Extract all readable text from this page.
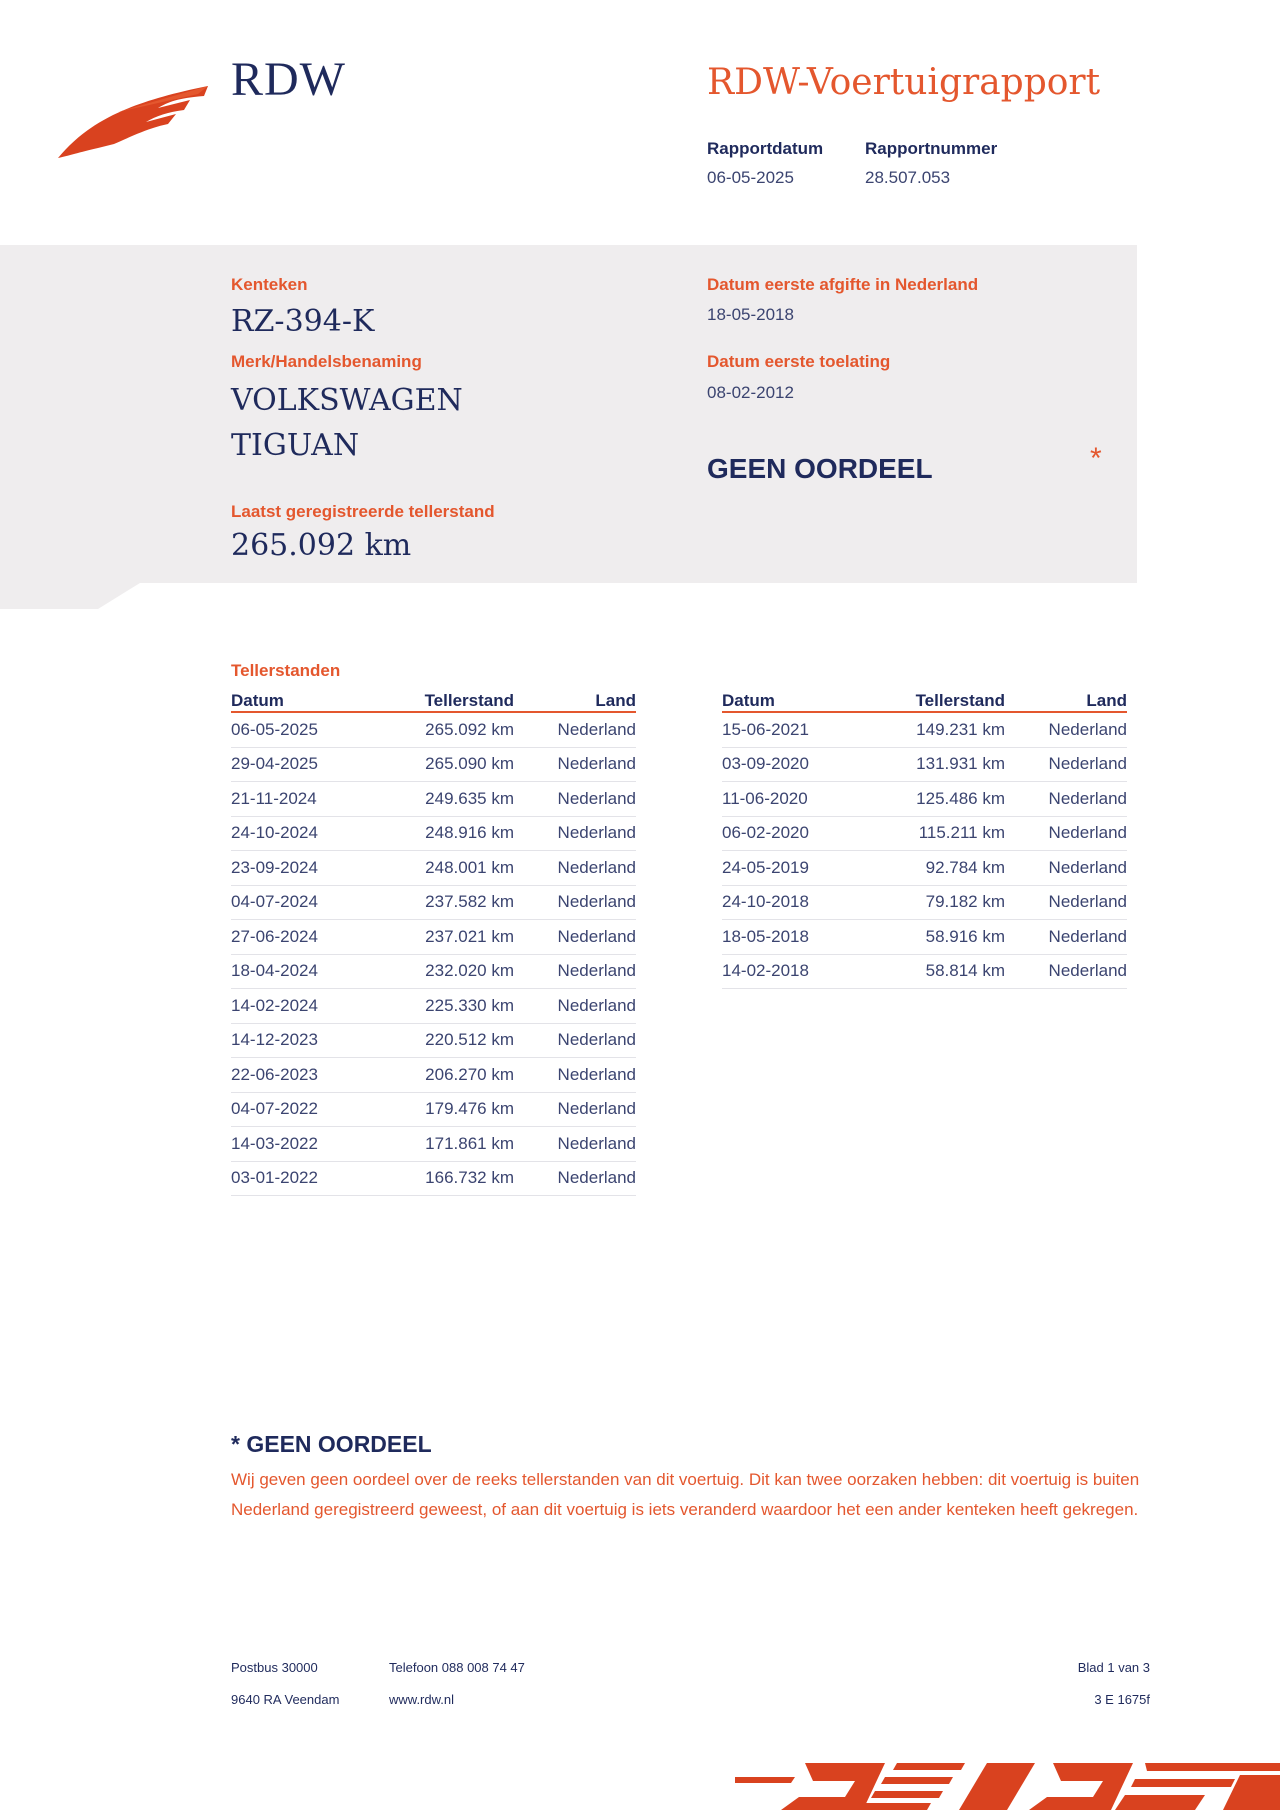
RDW	RDW-Voertuigrapport
Rapportdatum
06-05-2025
Rapportnummer
28.507.053
Kenteken
RZ-394-K
Merk/Handelsbenaming
VOLKSWAGEN
TIGUAN
Laatst geregistreerde tellerstand
265.092 km
Datum eerste afgifte in Nederland
18-05-2018
Datum eerste toelating
08-02-2012
GEEN OORDEEL	*
Tellerstanden
Datum	Tellerstand	Land
06-05-2025	265.092 km	Nederland
29-04-2025	265.090 km	Nederland
21-11-2024	249.635 km	Nederland
24-10-2024	248.916 km	Nederland
23-09-2024	248.001 km	Nederland
04-07-2024	237.582 km	Nederland
27-06-2024	237.021 km	Nederland
18-04-2024	232.020 km	Nederland
14-02-2024	225.330 km	Nederland
14-12-2023	220.512 km	Nederland
22-06-2023	206.270 km	Nederland
04-07-2022	179.476 km	Nederland
14-03-2022	171.861 km	Nederland
03-01-2022	166.732 km	Nederland
Datum	Tellerstand	Land
15-06-2021	149.231 km	Nederland
03-09-2020	131.931 km	Nederland
11-06-2020	125.486 km	Nederland
06-02-2020	115.211 km	Nederland
24-05-2019	92.784 km	Nederland
24-10-2018	79.182 km	Nederland
18-05-2018	58.916 km	Nederland
14-02-2018	58.814 km	Nederland
* GEEN OORDEEL
Wij geven geen oordeel over de reeks tellerstanden van dit voertuig. Dit kan twee oorzaken hebben: dit voertuig is buiten Nederland geregistreerd geweest, of aan dit voertuig is iets veranderd waardoor het een ander kenteken heeft gekregen.
Postbus 30000
9640 RA Veendam
Telefoon 088 008 74 47
www.rdw.nl
Blad 1 van 3
3 E 1675f
